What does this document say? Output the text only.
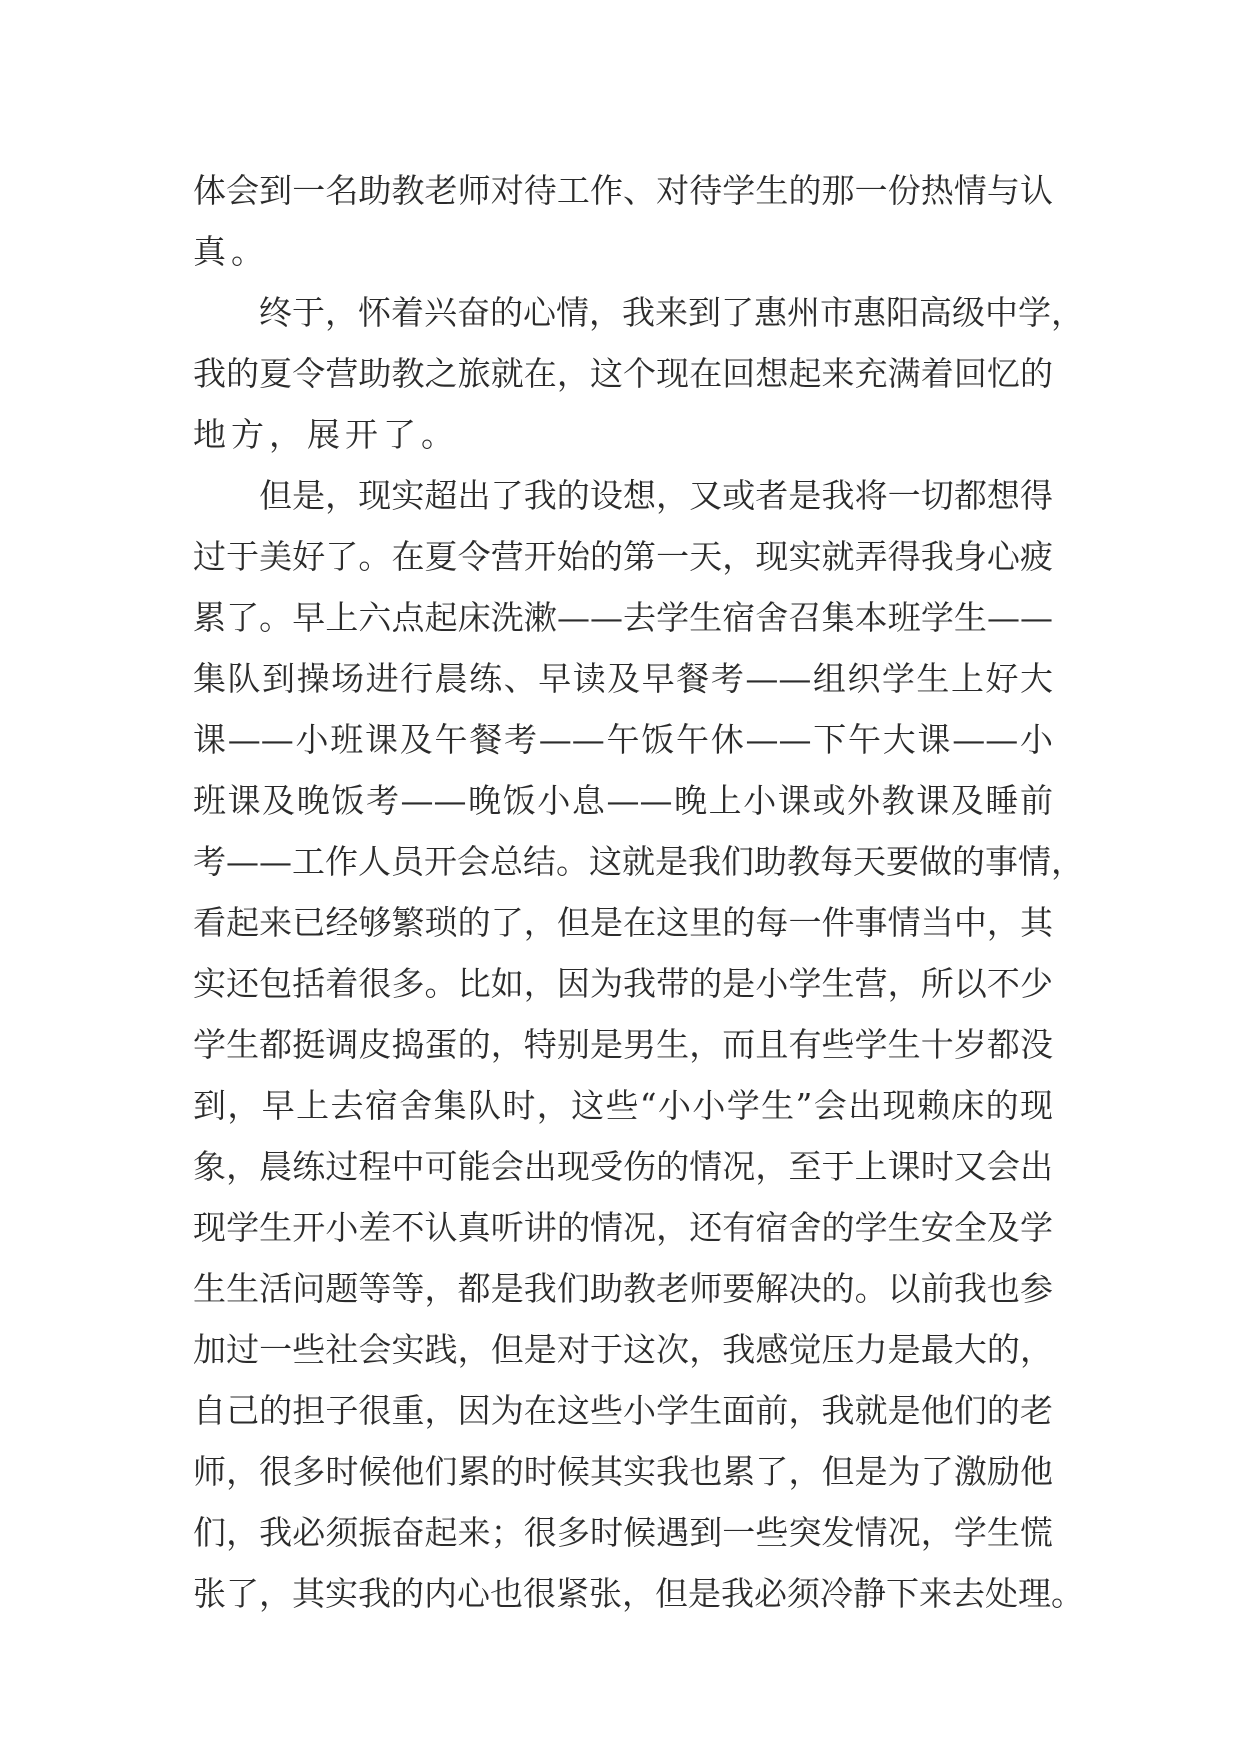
体会到一名助教老师对待工作、对待学生的那一份热情与认
真。
终于，怀着兴奋的心情，我来到了惠州市惠阳高级中学，
我的夏令营助教之旅就在，这个现在回想起来充满着回忆的
地方，展开了。
但是，现实超出了我的设想，又或者是我将一切都想得
过于美好了。在夏令营开始的第一天，现实就弄得我身心疲
累了。早上六点起床洗漱——去学生宿舍召集本班学生——
集队到操场进行晨练、早读及早餐考——组织学生上好大
课——小班课及午餐考——午饭午休——下午大课——小
班课及晚饭考——晚饭小息——晚上小课或外教课及睡前
考——工作人员开会总结。这就是我们助教每天要做的事情，
看起来已经够繁琐的了，但是在这里的每一件事情当中，其
实还包括着很多。比如，因为我带的是小学生营，所以不少
学生都挺调皮捣蛋的，特别是男生，而且有些学生十岁都没
到，早上去宿舍集队时，这些“小小学生”会出现赖床的现
象，晨练过程中可能会出现受伤的情况，至于上课时又会出
现学生开小差不认真听讲的情况，还有宿舍的学生安全及学
生生活问题等等，都是我们助教老师要解决的。以前我也参
加过一些社会实践，但是对于这次，我感觉压力是最大的，
自己的担子很重，因为在这些小学生面前，我就是他们的老
师，很多时候他们累的时候其实我也累了，但是为了激励他
们，我必须振奋起来；很多时候遇到一些突发情况，学生慌
张了，其实我的内心也很紧张，但是我必须冷静下来去处理。
